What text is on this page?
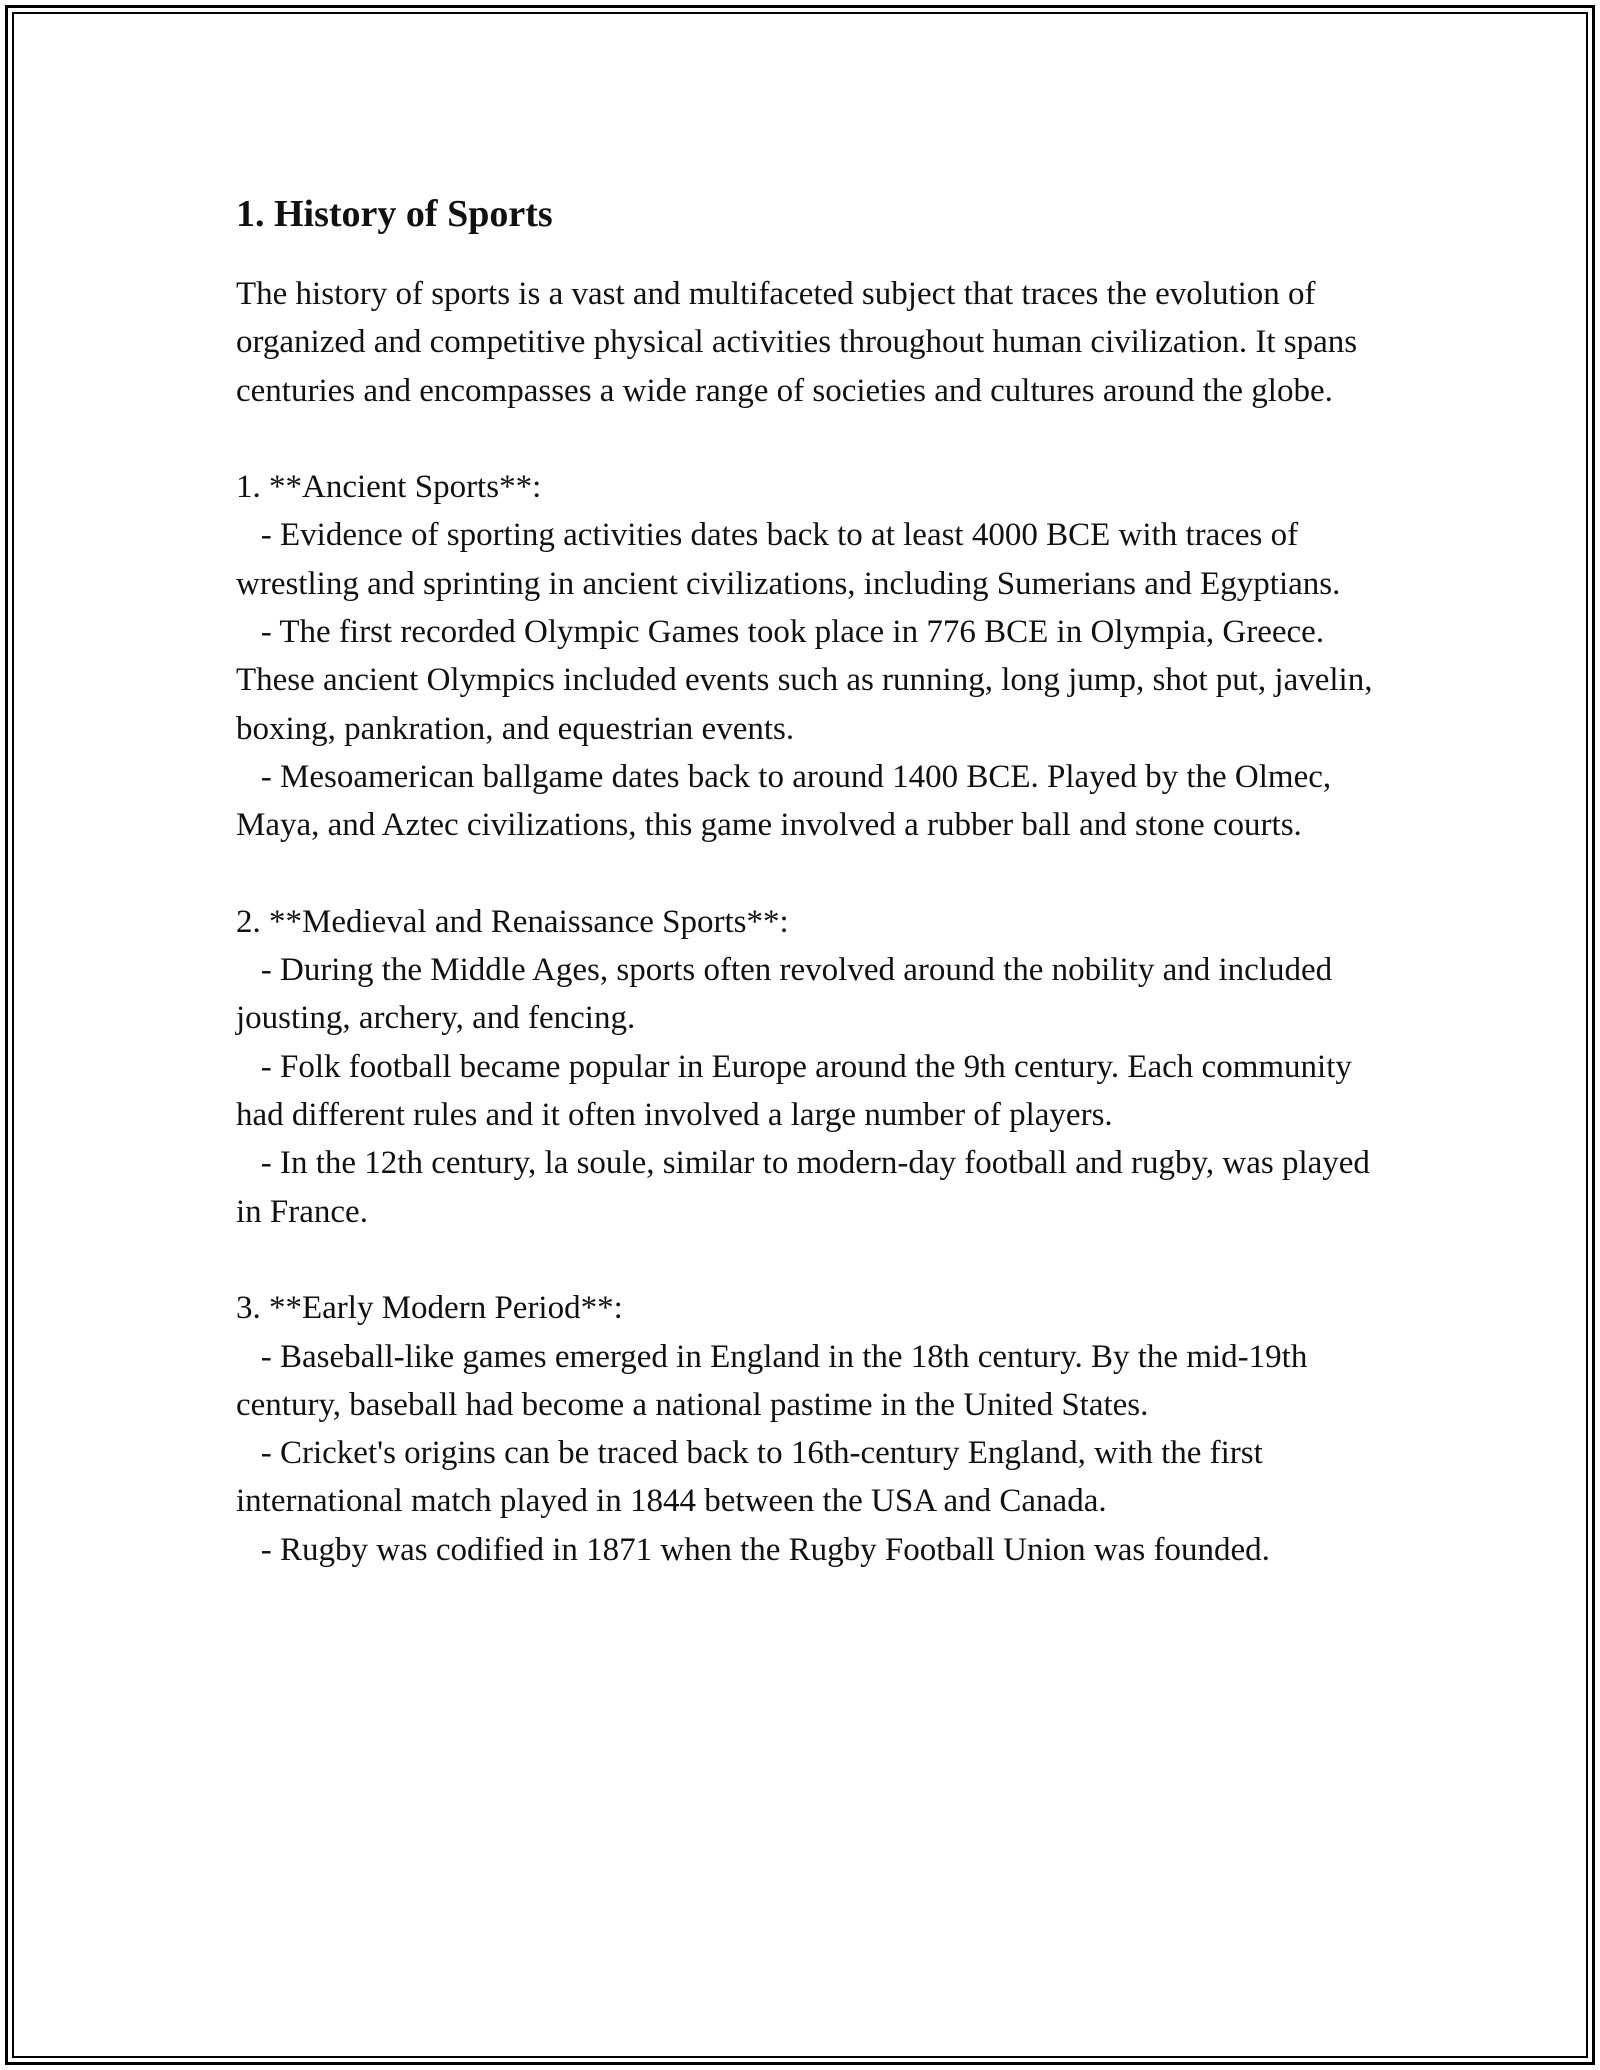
1. History of Sports

The history of sports is a vast and multifaceted subject that traces the evolution of organized and competitive physical activities throughout human civilization. It spans centuries and encompasses a wide range of societies and cultures around the globe.

1. **Ancient Sports**:

- Evidence of sporting activities dates back to at least 4000 BCE with traces of wrestling and sprinting in ancient civilizations, including Sumerians and Egyptians.

- The first recorded Olympic Games took place in 776 BCE in Olympia, Greece. These ancient Olympics included events such as running, long jump, shot put, javelin, boxing, pankration, and equestrian events.

- Mesoamerican ballgame dates back to around 1400 BCE. Played by the Olmec, Maya, and Aztec civilizations, this game involved a rubber ball and stone courts.

2. **Medieval and Renaissance Sports**:

- During the Middle Ages, sports often revolved around the nobility and included jousting, archery, and fencing.

- Folk football became popular in Europe around the 9th century. Each community had different rules and it often involved a large number of players.

- In the 12th century, la soule, similar to modern-day football and rugby, was played in France.

3. **Early Modern Period**:

- Baseball-like games emerged in England in the 18th century. By the mid-19th century, baseball had become a national pastime in the United States.

- Cricket's origins can be traced back to 16th-century England, with the first international match played in 1844 between the USA and Canada.

- Rugby was codified in 1871 when the Rugby Football Union was founded.
